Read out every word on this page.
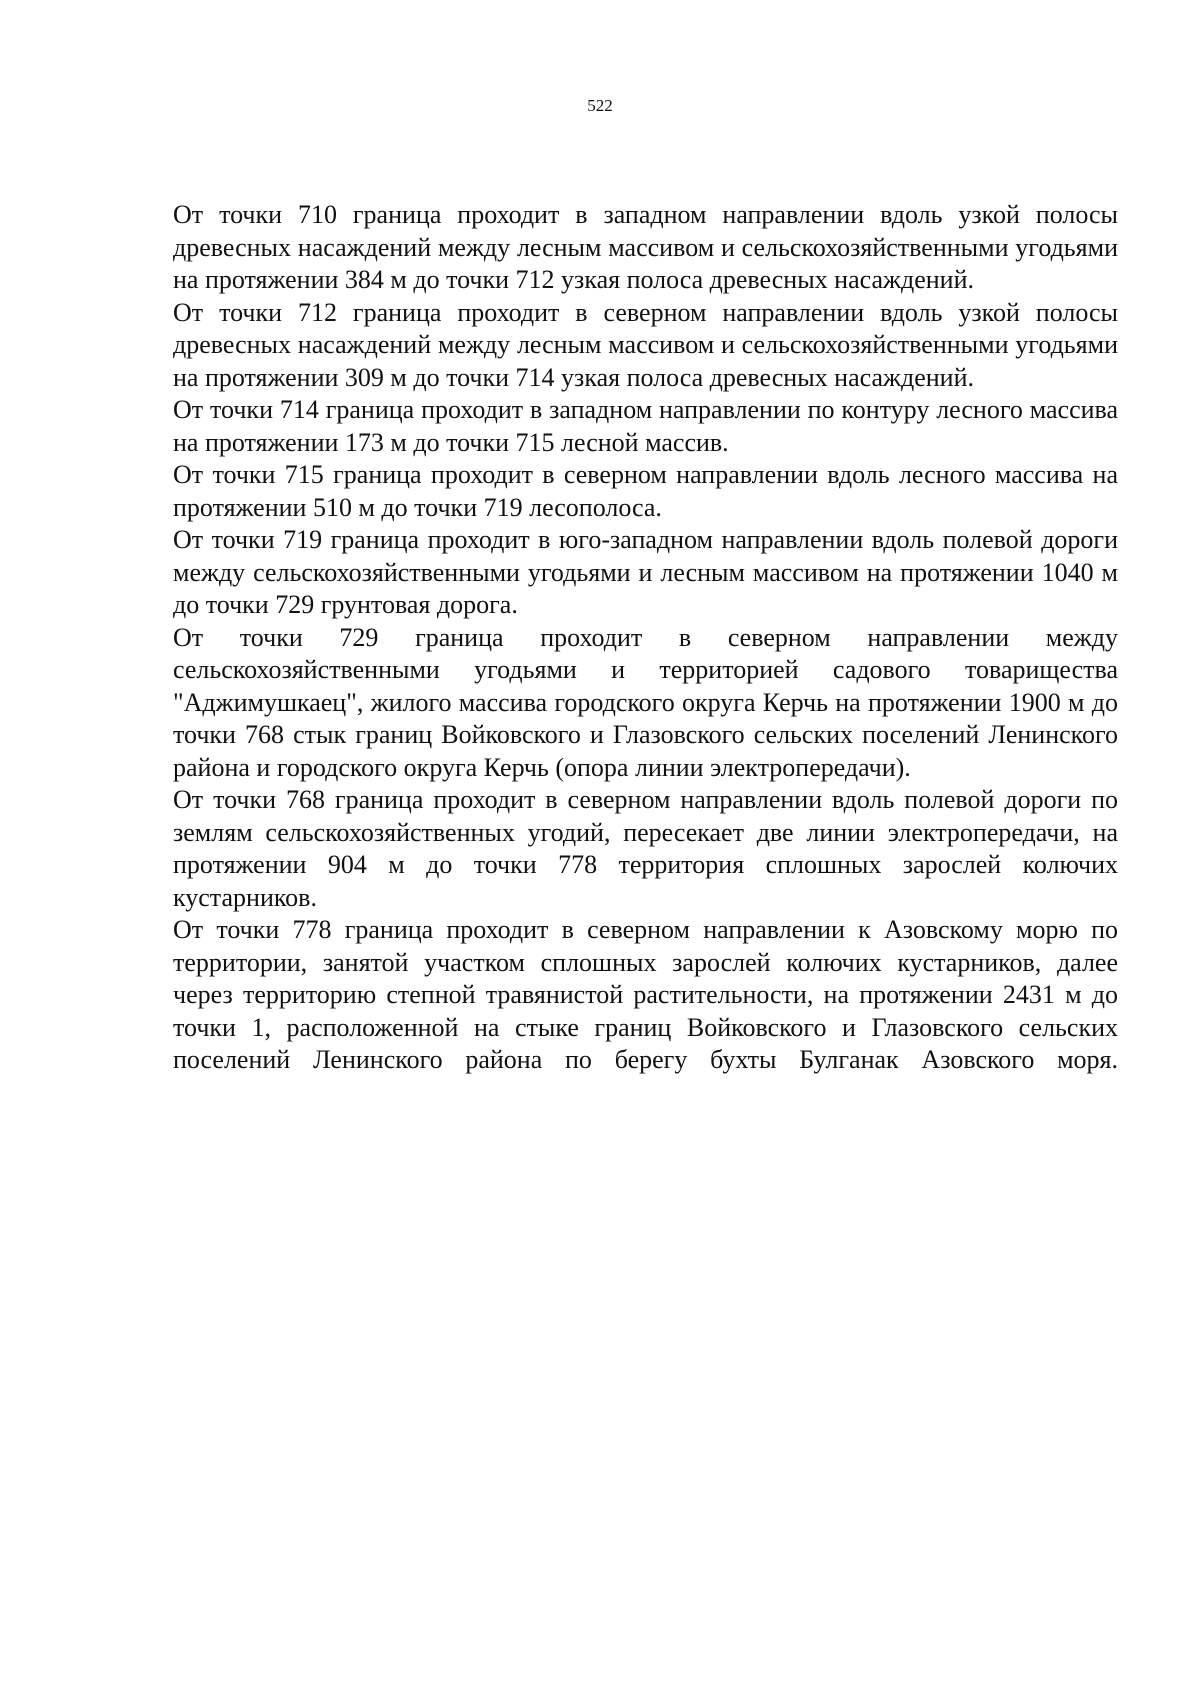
522

От точки 710 граница проходит в западном направлении вдоль узкой полосы древесных насаждений между лесным массивом и сельскохозяйственными угодьями на протяжении 384 м до точки 712 узкая полоса древесных насаждений.

От точки 712 граница проходит в северном направлении вдоль узкой полосы древесных насаждений между лесным массивом и сельскохозяйственными угодьями на протяжении 309 м до точки 714 узкая полоса древесных насаждений.

От точки 714 граница проходит в западном направлении по контуру лесного массива на протяжении 173 м до точки 715 лесной массив.

От точки 715 граница проходит в северном направлении вдоль лесного массива на протяжении 510 м до точки 719 лесополоса.

От точки 719 граница проходит в юго-западном направлении вдоль полевой дороги между сельскохозяйственными угодьями и лесным массивом на протяжении 1040 м до точки 729 грунтовая дорога.

От точки 729 граница проходит в северном направлении между сельскохозяйственными угодьями и территорией садового товарищества "Аджимушкаец", жилого массива городского округа Керчь на протяжении 1900 м до точки 768 стык границ Войковского и Глазовского сельских поселений Ленинского района и городского округа Керчь (опора линии электропередачи).

От точки 768 граница проходит в северном направлении вдоль полевой дороги по землям сельскохозяйственных угодий, пересекает две линии электропередачи, на протяжении 904 м до точки 778 территория сплошных зарослей колючих кустарников.

От точки 778 граница проходит в северном направлении к Азовскому морю по территории, занятой участком сплошных зарослей колючих кустарников, далее через территорию степной травянистой растительности, на протяжении 2431 м до точки 1, расположенной на стыке границ Войковского и Глазовского сельских поселений Ленинского района по берегу бухты Булганак Азовского моря.
